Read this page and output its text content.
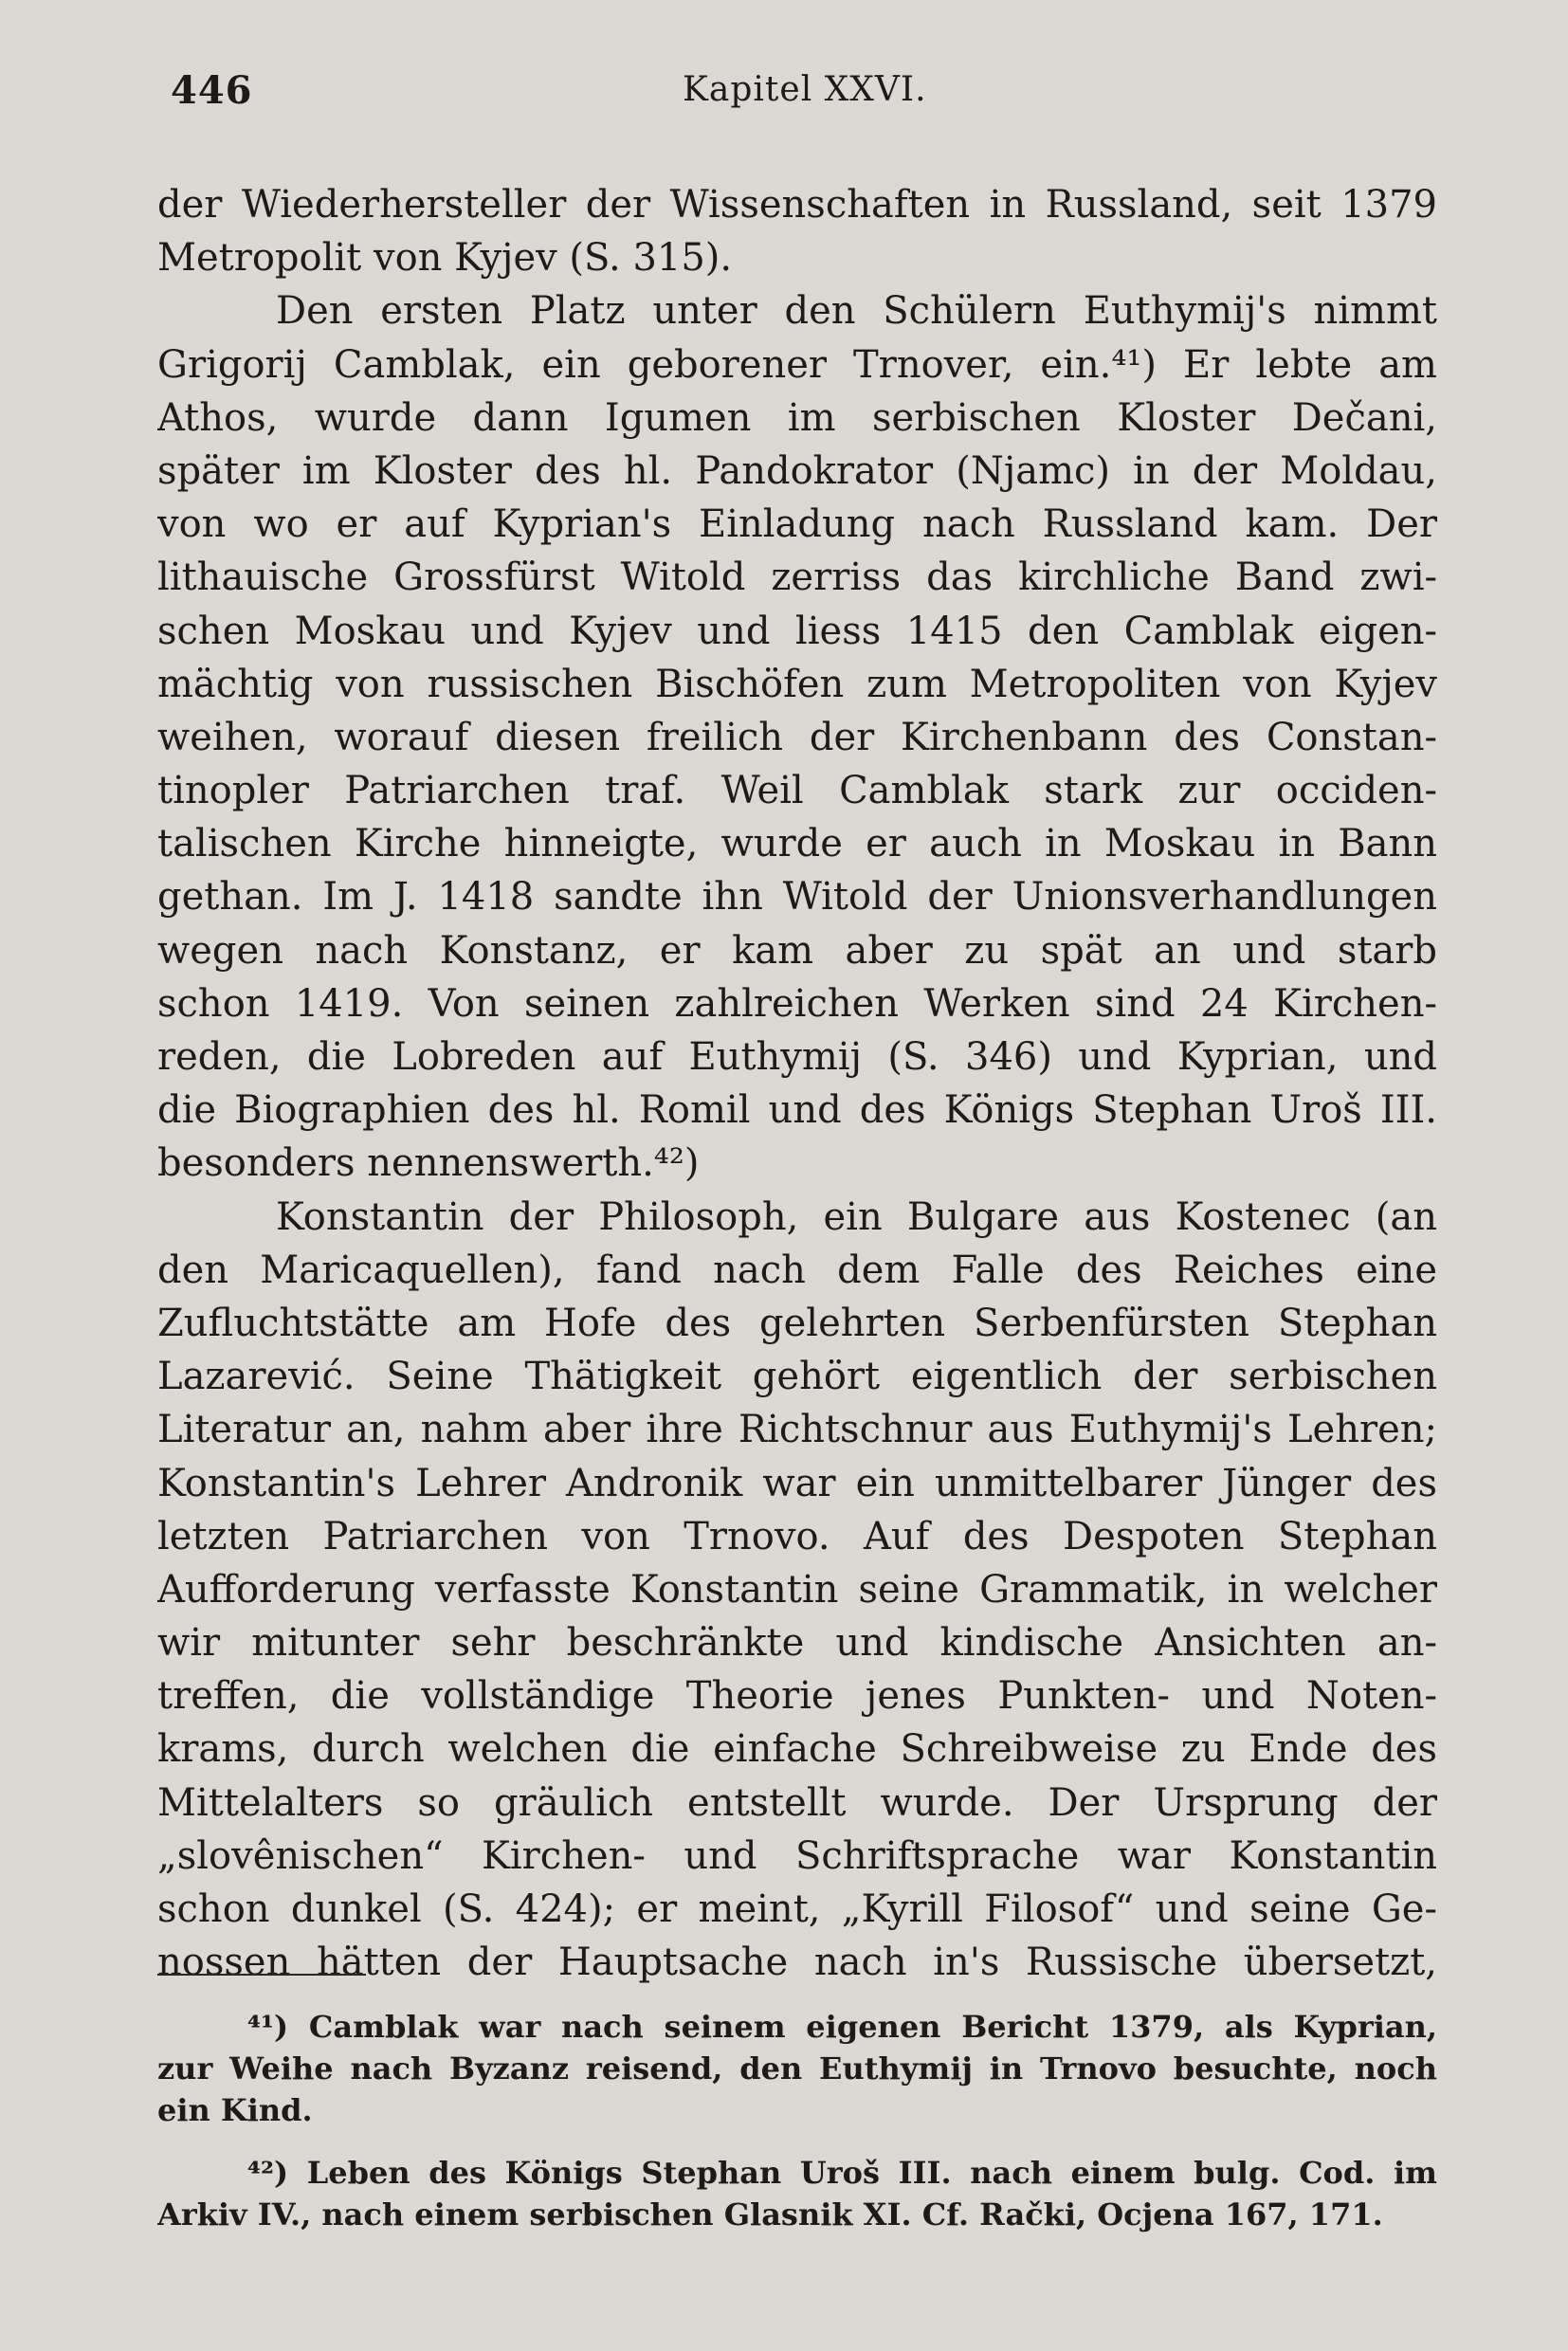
446	Kapitel XXVI.
der Wiederhersteller der Wissenschaften in Russland, seit 1379
Metropolit von Kyjev (S. 315).
Den ersten Platz unter den Schülern Euthymij's nimmt
Grigorij Camblak, ein geborener Trnover, ein.⁴¹) Er lebte am
Athos, wurde dann Igumen im serbischen Kloster Dečani,
später im Kloster des hl. Pandokrator (Njamc) in der Moldau,
von wo er auf Kyprian's Einladung nach Russland kam. Der
lithauische Grossfürst Witold zerriss das kirchliche Band zwi-
schen Moskau und Kyjev und liess 1415 den Camblak eigen-
mächtig von russischen Bischöfen zum Metropoliten von Kyjev
weihen, worauf diesen freilich der Kirchenbann des Constan-
tinopler Patriarchen traf. Weil Camblak stark zur occiden-
talischen Kirche hinneigte, wurde er auch in Moskau in Bann
gethan. Im J. 1418 sandte ihn Witold der Unionsverhandlungen
wegen nach Konstanz, er kam aber zu spät an und starb
schon 1419. Von seinen zahlreichen Werken sind 24 Kirchen-
reden, die Lobreden auf Euthymij (S. 346) und Kyprian, und
die Biographien des hl. Romil und des Königs Stephan Uroš III.
besonders nennenswerth.⁴²)
Konstantin der Philosoph, ein Bulgare aus Kostenec (an
den Maricaquellen), fand nach dem Falle des Reiches eine
Zufluchtstätte am Hofe des gelehrten Serbenfürsten Stephan
Lazarević. Seine Thätigkeit gehört eigentlich der serbischen
Literatur an, nahm aber ihre Richtschnur aus Euthymij's Lehren;
Konstantin's Lehrer Andronik war ein unmittelbarer Jünger des
letzten Patriarchen von Trnovo. Auf des Despoten Stephan
Aufforderung verfasste Konstantin seine Grammatik, in welcher
wir mitunter sehr beschränkte und kindische Ansichten an-
treffen, die vollständige Theorie jenes Punkten- und Noten-
krams, durch welchen die einfache Schreibweise zu Ende des
Mittelalters so gräulich entstellt wurde. Der Ursprung der
„slovênischen“ Kirchen- und Schriftsprache war Konstantin
schon dunkel (S. 424); er meint, „Kyrill Filosof“ und seine Ge-
nossen hätten der Hauptsache nach in's Russische übersetzt,
⁴¹) Camblak war nach seinem eigenen Bericht 1379, als Kyprian,
zur Weihe nach Byzanz reisend, den Euthymij in Trnovo besuchte, noch
ein Kind.
⁴²) Leben des Königs Stephan Uroš III. nach einem bulg. Cod. im
Arkiv IV., nach einem serbischen Glasnik XI. Cf. Rački, Ocjena 167, 171.
